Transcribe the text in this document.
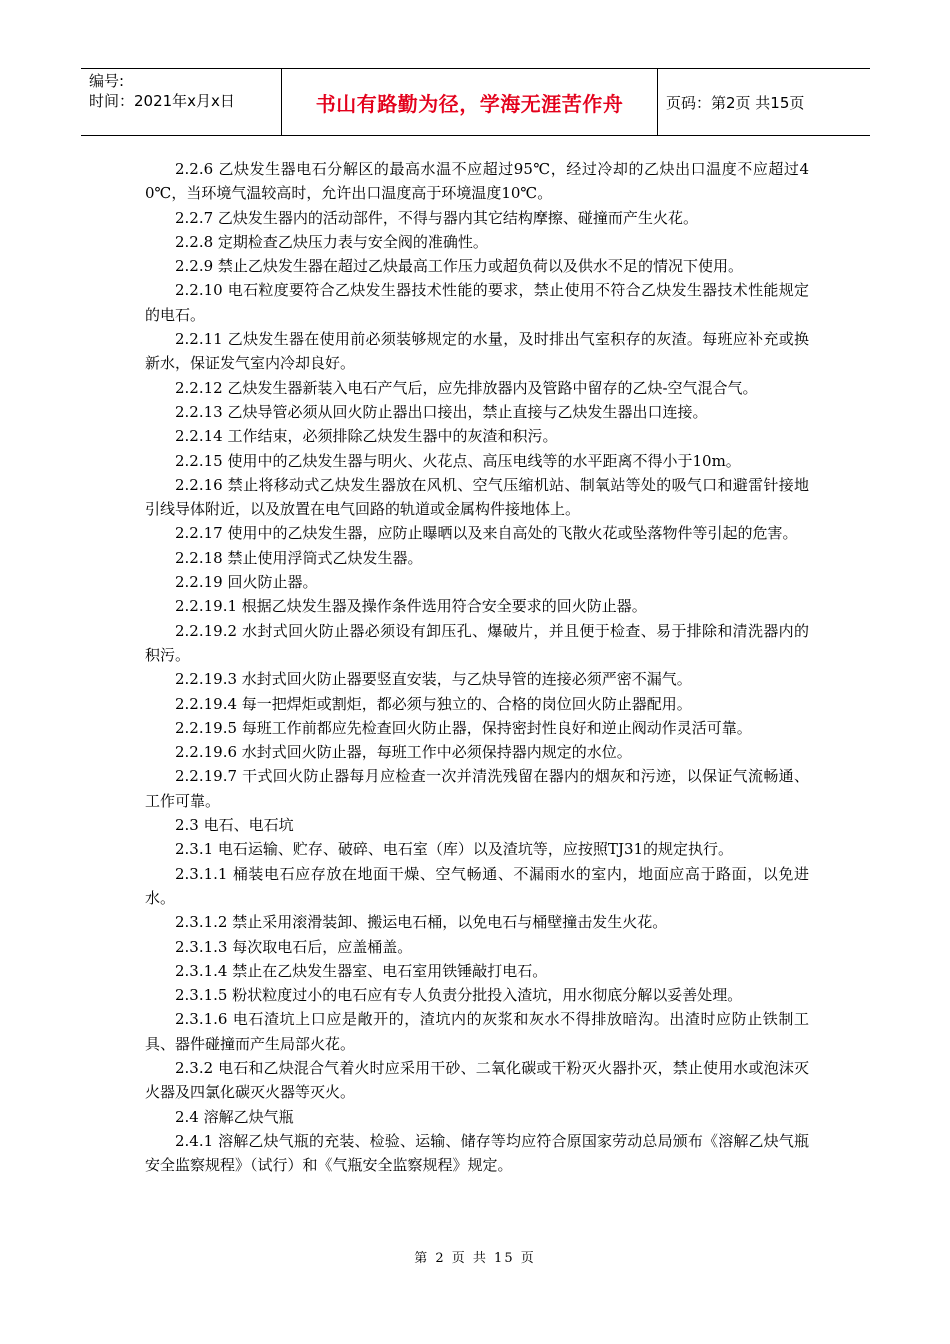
编号:
时间：2021年x月x日	书山有路勤为径，学海无涯苦作舟	页码：第2页 共15页

2.2.6 乙炔发生器电石分解区的最高水温不应超过95℃，经过冷却的乙炔出口温度不应超过40℃，当环境气温较高时，允许出口温度高于环境温度10℃。

2.2.7 乙炔发生器内的活动部件，不得与器内其它结构摩擦、碰撞而产生火花。

2.2.8 定期检查乙炔压力表与安全阀的准确性。

2.2.9 禁止乙炔发生器在超过乙炔最高工作压力或超负荷以及供水不足的情况下使用。

2.2.10 电石粒度要符合乙炔发生器技术性能的要求，禁止使用不符合乙炔发生器技术性能规定的电石。

2.2.11 乙炔发生器在使用前必须装够规定的水量，及时排出气室积存的灰渣。每班应补充或换新水，保证发气室内冷却良好。

2.2.12 乙炔发生器新装入电石产气后，应先排放器内及管路中留存的乙炔-空气混合气。

2.2.13 乙炔导管必须从回火防止器出口接出，禁止直接与乙炔发生器出口连接。

2.2.14 工作结束，必须排除乙炔发生器中的灰渣和积污。

2.2.15 使用中的乙炔发生器与明火、火花点、高压电线等的水平距离不得小于10m。

2.2.16 禁止将移动式乙炔发生器放在风机、空气压缩机站、制氧站等处的吸气口和避雷针接地引线导体附近，以及放置在电气回路的轨道或金属构件接地体上。

2.2.17 使用中的乙炔发生器，应防止曝晒以及来自高处的飞散火花或坠落物件等引起的危害。

2.2.18 禁止使用浮筒式乙炔发生器。

2.2.19 回火防止器。

2.2.19.1 根据乙炔发生器及操作条件选用符合安全要求的回火防止器。

2.2.19.2 水封式回火防止器必须设有卸压孔、爆破片，并且便于检查、易于排除和清洗器内的积污。

2.2.19.3 水封式回火防止器要竖直安装，与乙炔导管的连接必须严密不漏气。

2.2.19.4 每一把焊炬或割炬，都必须与独立的、合格的岗位回火防止器配用。

2.2.19.5 每班工作前都应先检查回火防止器，保持密封性良好和逆止阀动作灵活可靠。

2.2.19.6 水封式回火防止器，每班工作中必须保持器内规定的水位。

2.2.19.7 干式回火防止器每月应检查一次并清洗残留在器内的烟灰和污迹，以保证气流畅通、工作可靠。

2.3 电石、电石坑

2.3.1 电石运输、贮存、破碎、电石室（库）以及渣坑等，应按照TJ31的规定执行。

2.3.1.1 桶装电石应存放在地面干燥、空气畅通、不漏雨水的室内，地面应高于路面，以免进水。

2.3.1.2 禁止采用滚滑装卸、搬运电石桶，以免电石与桶壁撞击发生火花。

2.3.1.3 每次取电石后，应盖桶盖。

2.3.1.4 禁止在乙炔发生器室、电石室用铁锤敲打电石。

2.3.1.5 粉状粒度过小的电石应有专人负责分批投入渣坑，用水彻底分解以妥善处理。

2.3.1.6 电石渣坑上口应是敞开的，渣坑内的灰浆和灰水不得排放暗沟。出渣时应防止铁制工具、器件碰撞而产生局部火花。

2.3.2 电石和乙炔混合气着火时应采用干砂、二氧化碳或干粉灭火器扑灭，禁止使用水或泡沫灭火器及四氯化碳灭火器等灭火。

2.4 溶解乙炔气瓶

2.4.1 溶解乙炔气瓶的充装、检验、运输、储存等均应符合原国家劳动总局颁布《溶解乙炔气瓶安全监察规程》（试行）和《气瓶安全监察规程》规定。

第 2 页 共 15 页
